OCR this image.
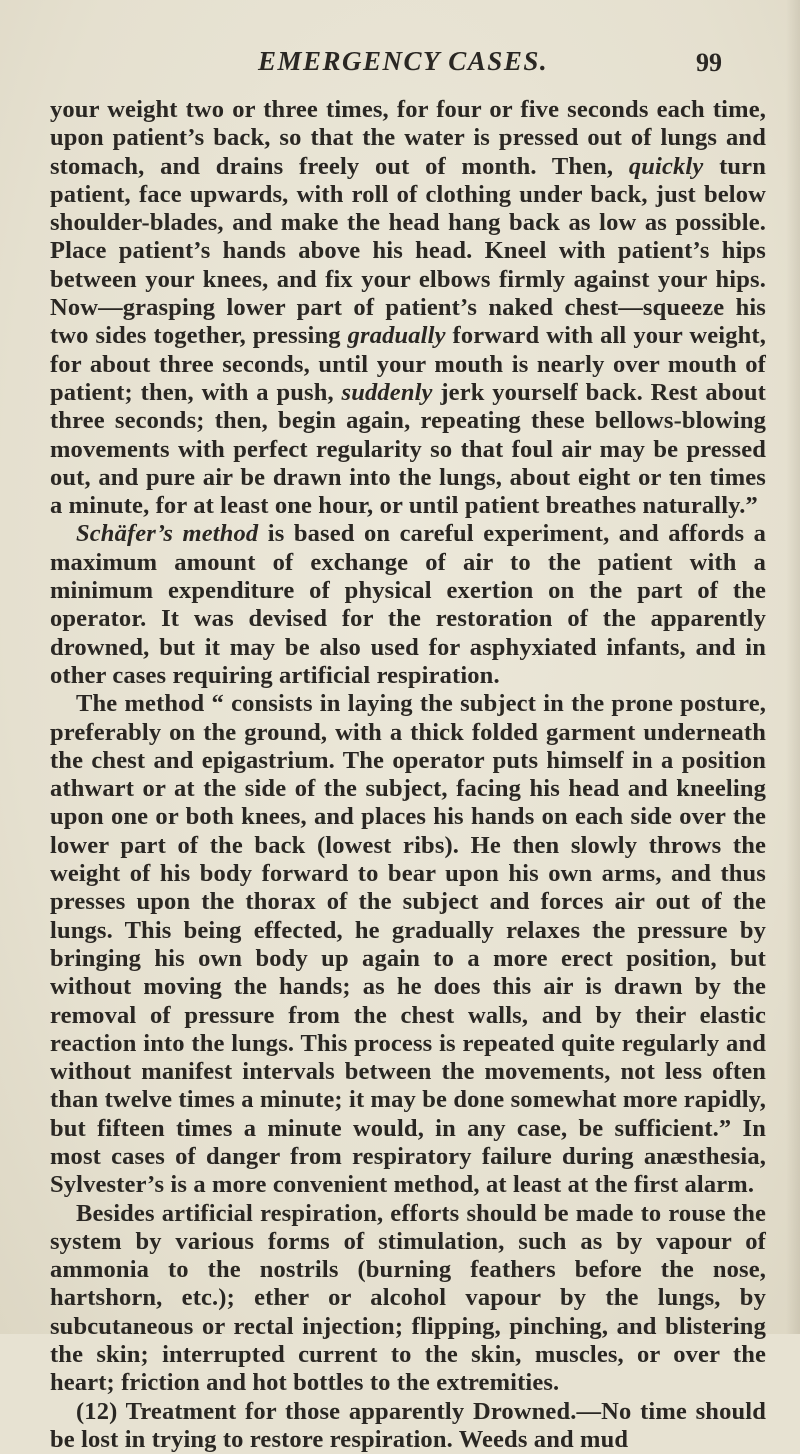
EMERGENCY CASES.	99

your weight two or three times, for four or five seconds each time, upon patient’s back, so that the water is pressed out of lungs and stomach, and drains freely out of month. Then, quickly turn patient, face upwards, with roll of clothing under back, just below shoulder-blades, and make the head hang back as low as possible. Place patient’s hands above his head. Kneel with patient’s hips between your knees, and fix your elbows firmly against your hips. Now—grasping lower part of patient’s naked chest—squeeze his two sides together, pressing gradually forward with all your weight, for about three seconds, until your mouth is nearly over mouth of patient; then, with a push, suddenly jerk yourself back. Rest about three seconds; then, begin again, repeating these bellows-blowing movements with perfect regularity so that foul air may be pressed out, and pure air be drawn into the lungs, about eight or ten times a minute, for at least one hour, or until patient breathes naturally.”

Schäfer’s method is based on careful experiment, and affords a maximum amount of exchange of air to the patient with a minimum expenditure of physical exertion on the part of the operator. It was devised for the restoration of the apparently drowned, but it may be also used for asphyxiated infants, and in other cases requiring artificial respiration.

The method “ consists in laying the subject in the prone posture, preferably on the ground, with a thick folded garment underneath the chest and epigastrium. The operator puts himself in a position athwart or at the side of the subject, facing his head and kneeling upon one or both knees, and places his hands on each side over the lower part of the back (lowest ribs). He then slowly throws the weight of his body forward to bear upon his own arms, and thus presses upon the thorax of the subject and forces air out of the lungs. This being effected, he gradually relaxes the pressure by bringing his own body up again to a more erect position, but without moving the hands; as he does this air is drawn by the removal of pressure from the chest walls, and by their elastic reaction into the lungs. This process is repeated quite regularly and without manifest intervals between the movements, not less often than twelve times a minute; it may be done somewhat more rapidly, but fifteen times a minute would, in any case, be sufficient.” In most cases of danger from respiratory failure during anæsthesia, Sylvester’s is a more convenient method, at least at the first alarm.

Besides artificial respiration, efforts should be made to rouse the system by various forms of stimulation, such as by vapour of ammonia to the nostrils (burning feathers before the nose, hartshorn, etc.); ether or alcohol vapour by the lungs, by subcutaneous or rectal injection; flipping, pinching, and blistering the skin; interrupted current to the skin, muscles, or over the heart; friction and hot bottles to the extremities.

(12) Treatment for those apparently Drowned.—No time should be lost in trying to restore respiration. Weeds and mud
